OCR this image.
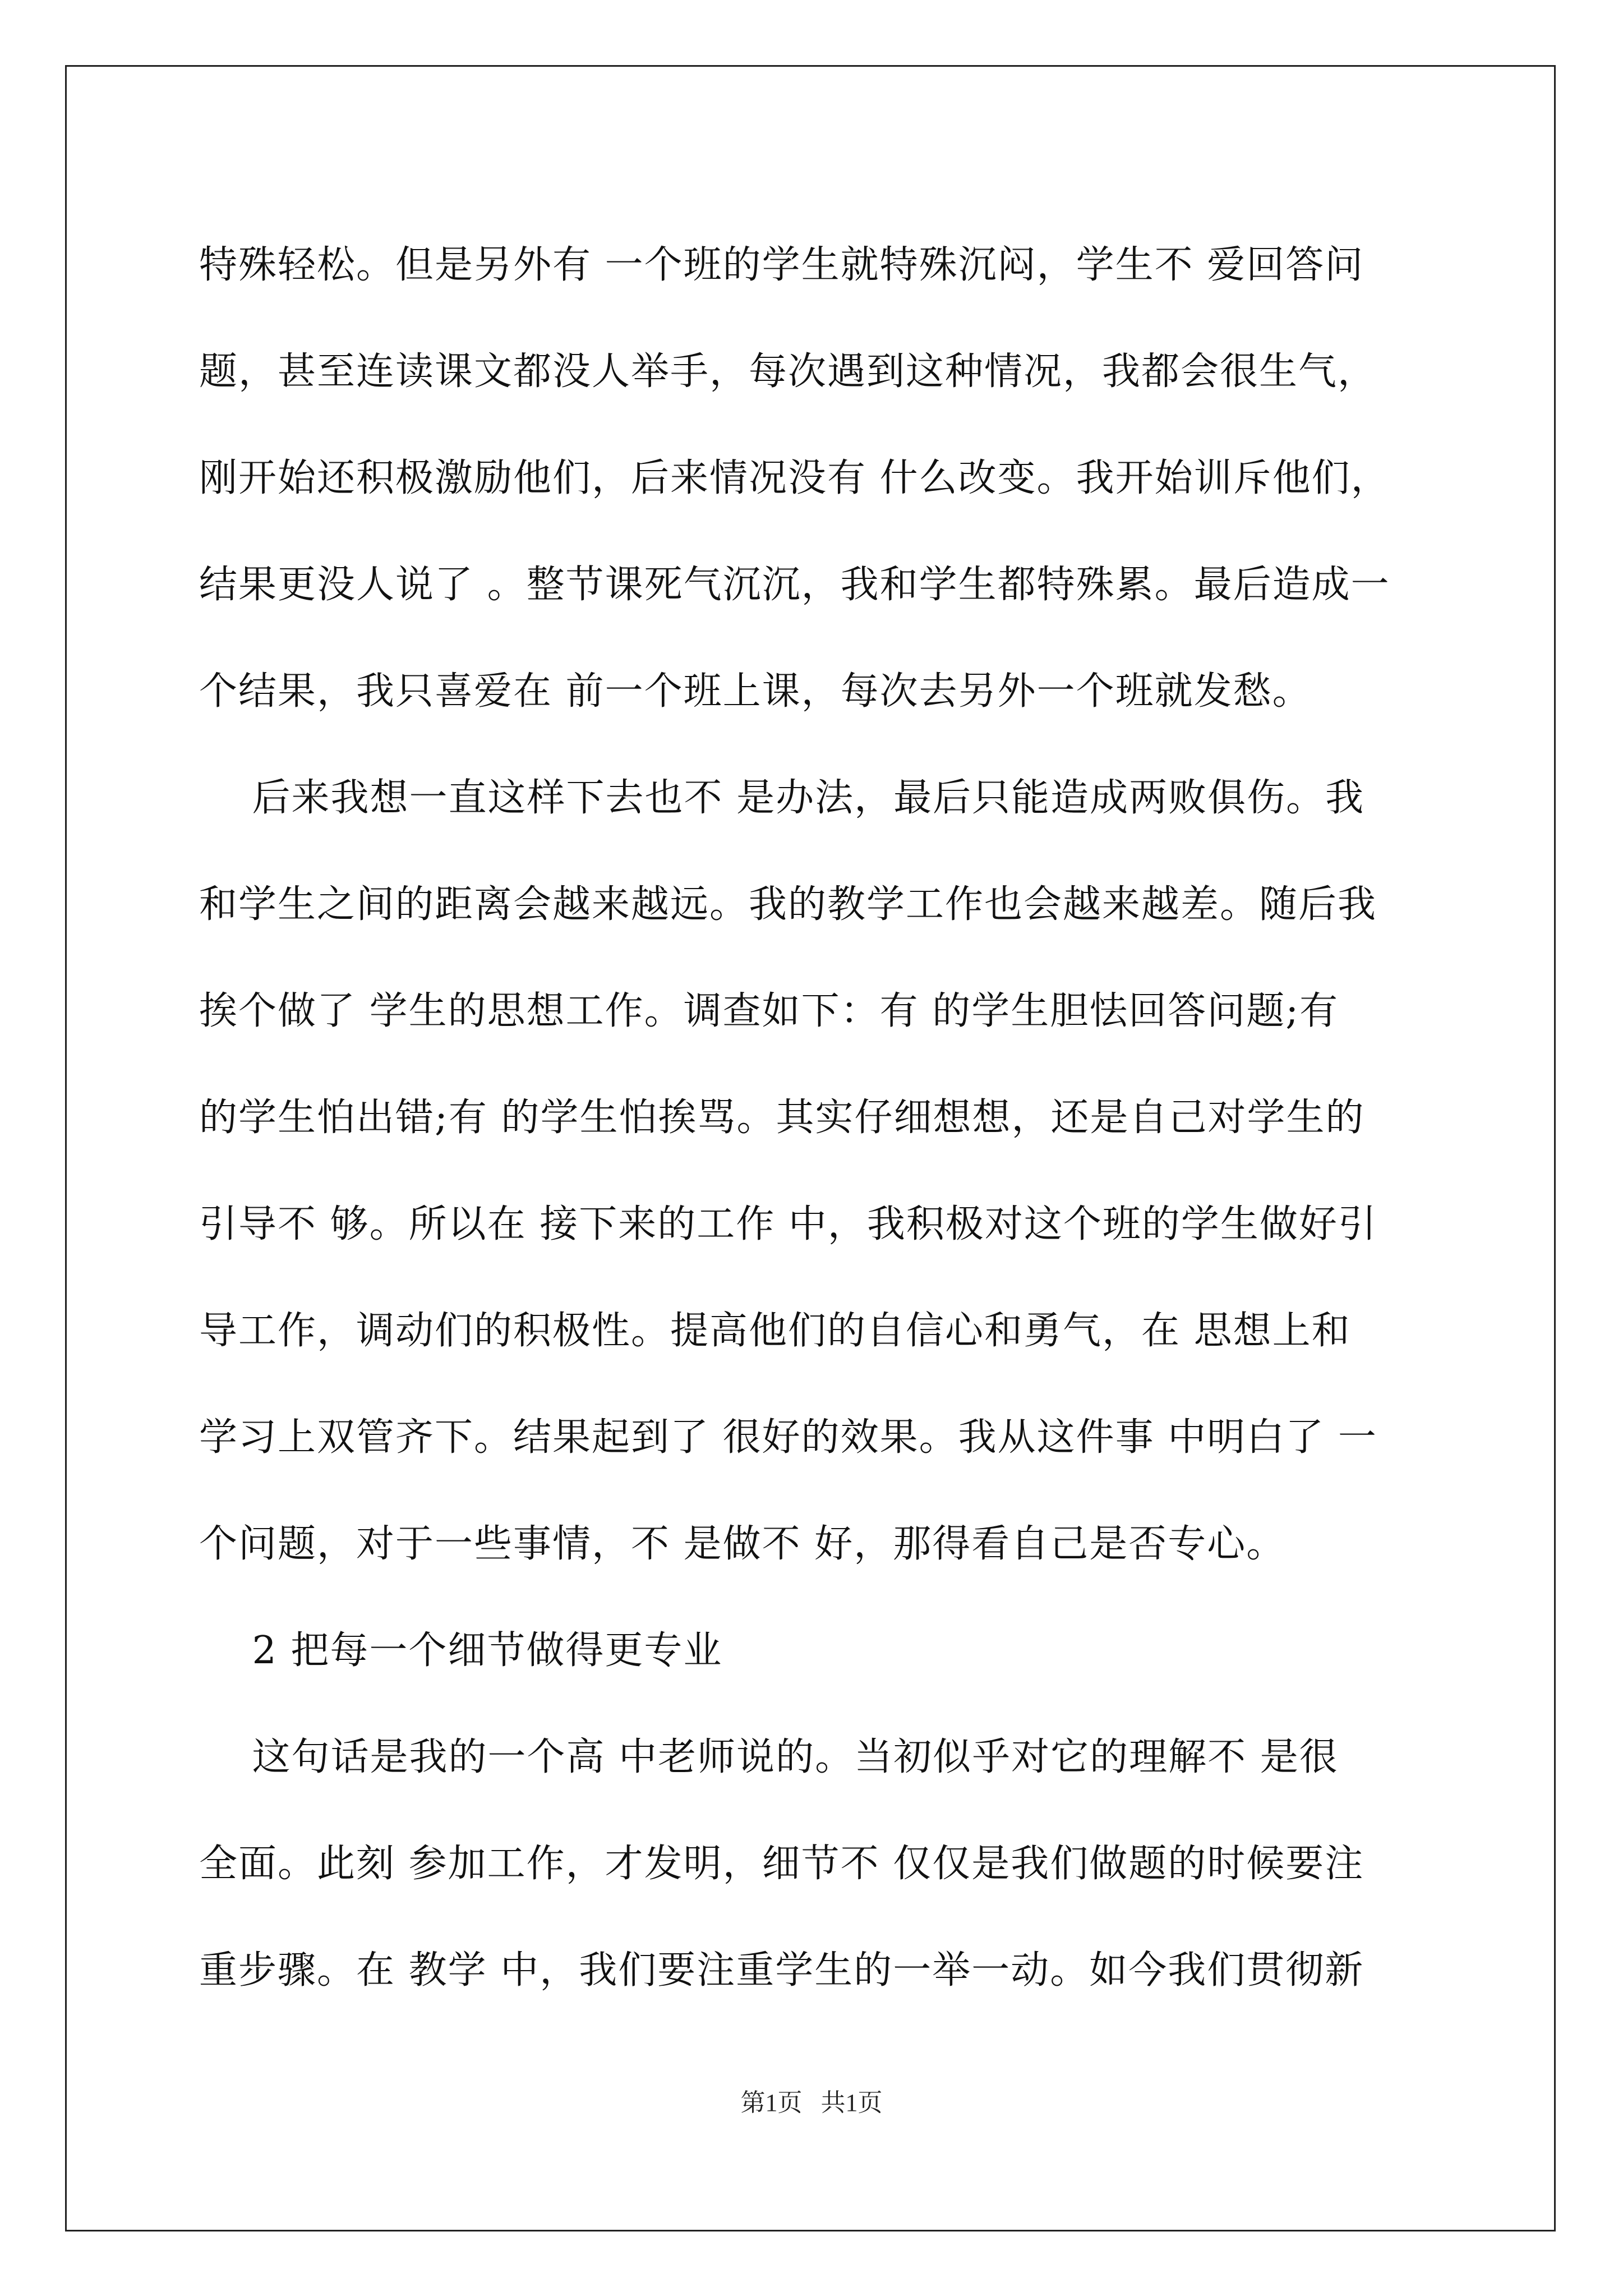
特殊轻松。但是另外有 一个班的学生就特殊沉闷，学生不 爱回答问
题，甚至连读课文都没人举手，每次遇到这种情况，我都会很生气，
刚开始还积极激励他们，后来情况没有 什么改变。我开始训斥他们，
结果更没人说了 。整节课死气沉沉，我和学生都特殊累。最后造成一
个结果，我只喜爱在 前一个班上课，每次去另外一个班就发愁。
后来我想一直这样下去也不 是办法，最后只能造成两败俱伤。我
和学生之间的距离会越来越远。我的教学工作也会越来越差。随后我
挨个做了 学生的思想工作。调查如下：有 的学生胆怯回答问题;有
的学生怕出错;有 的学生怕挨骂。其实仔细想想，还是自己对学生的
引导不 够。所以在 接下来的工作 中，我积极对这个班的学生做好引
导工作，调动们的积极性。提高他们的自信心和勇气，在 思想上和
学习上双管齐下。结果起到了 很好的效果。我从这件事 中明白了 一
个问题，对于一些事情，不 是做不 好，那得看自己是否专心。
2 把每一个细节做得更专业
这句话是我的一个高 中老师说的。当初似乎对它的理解不 是很
全面。此刻 参加工作，才发明，细节不 仅仅是我们做题的时候要注
重步骤。在 教学 中，我们要注重学生的一举一动。如今我们贯彻新
第1页   共1页
